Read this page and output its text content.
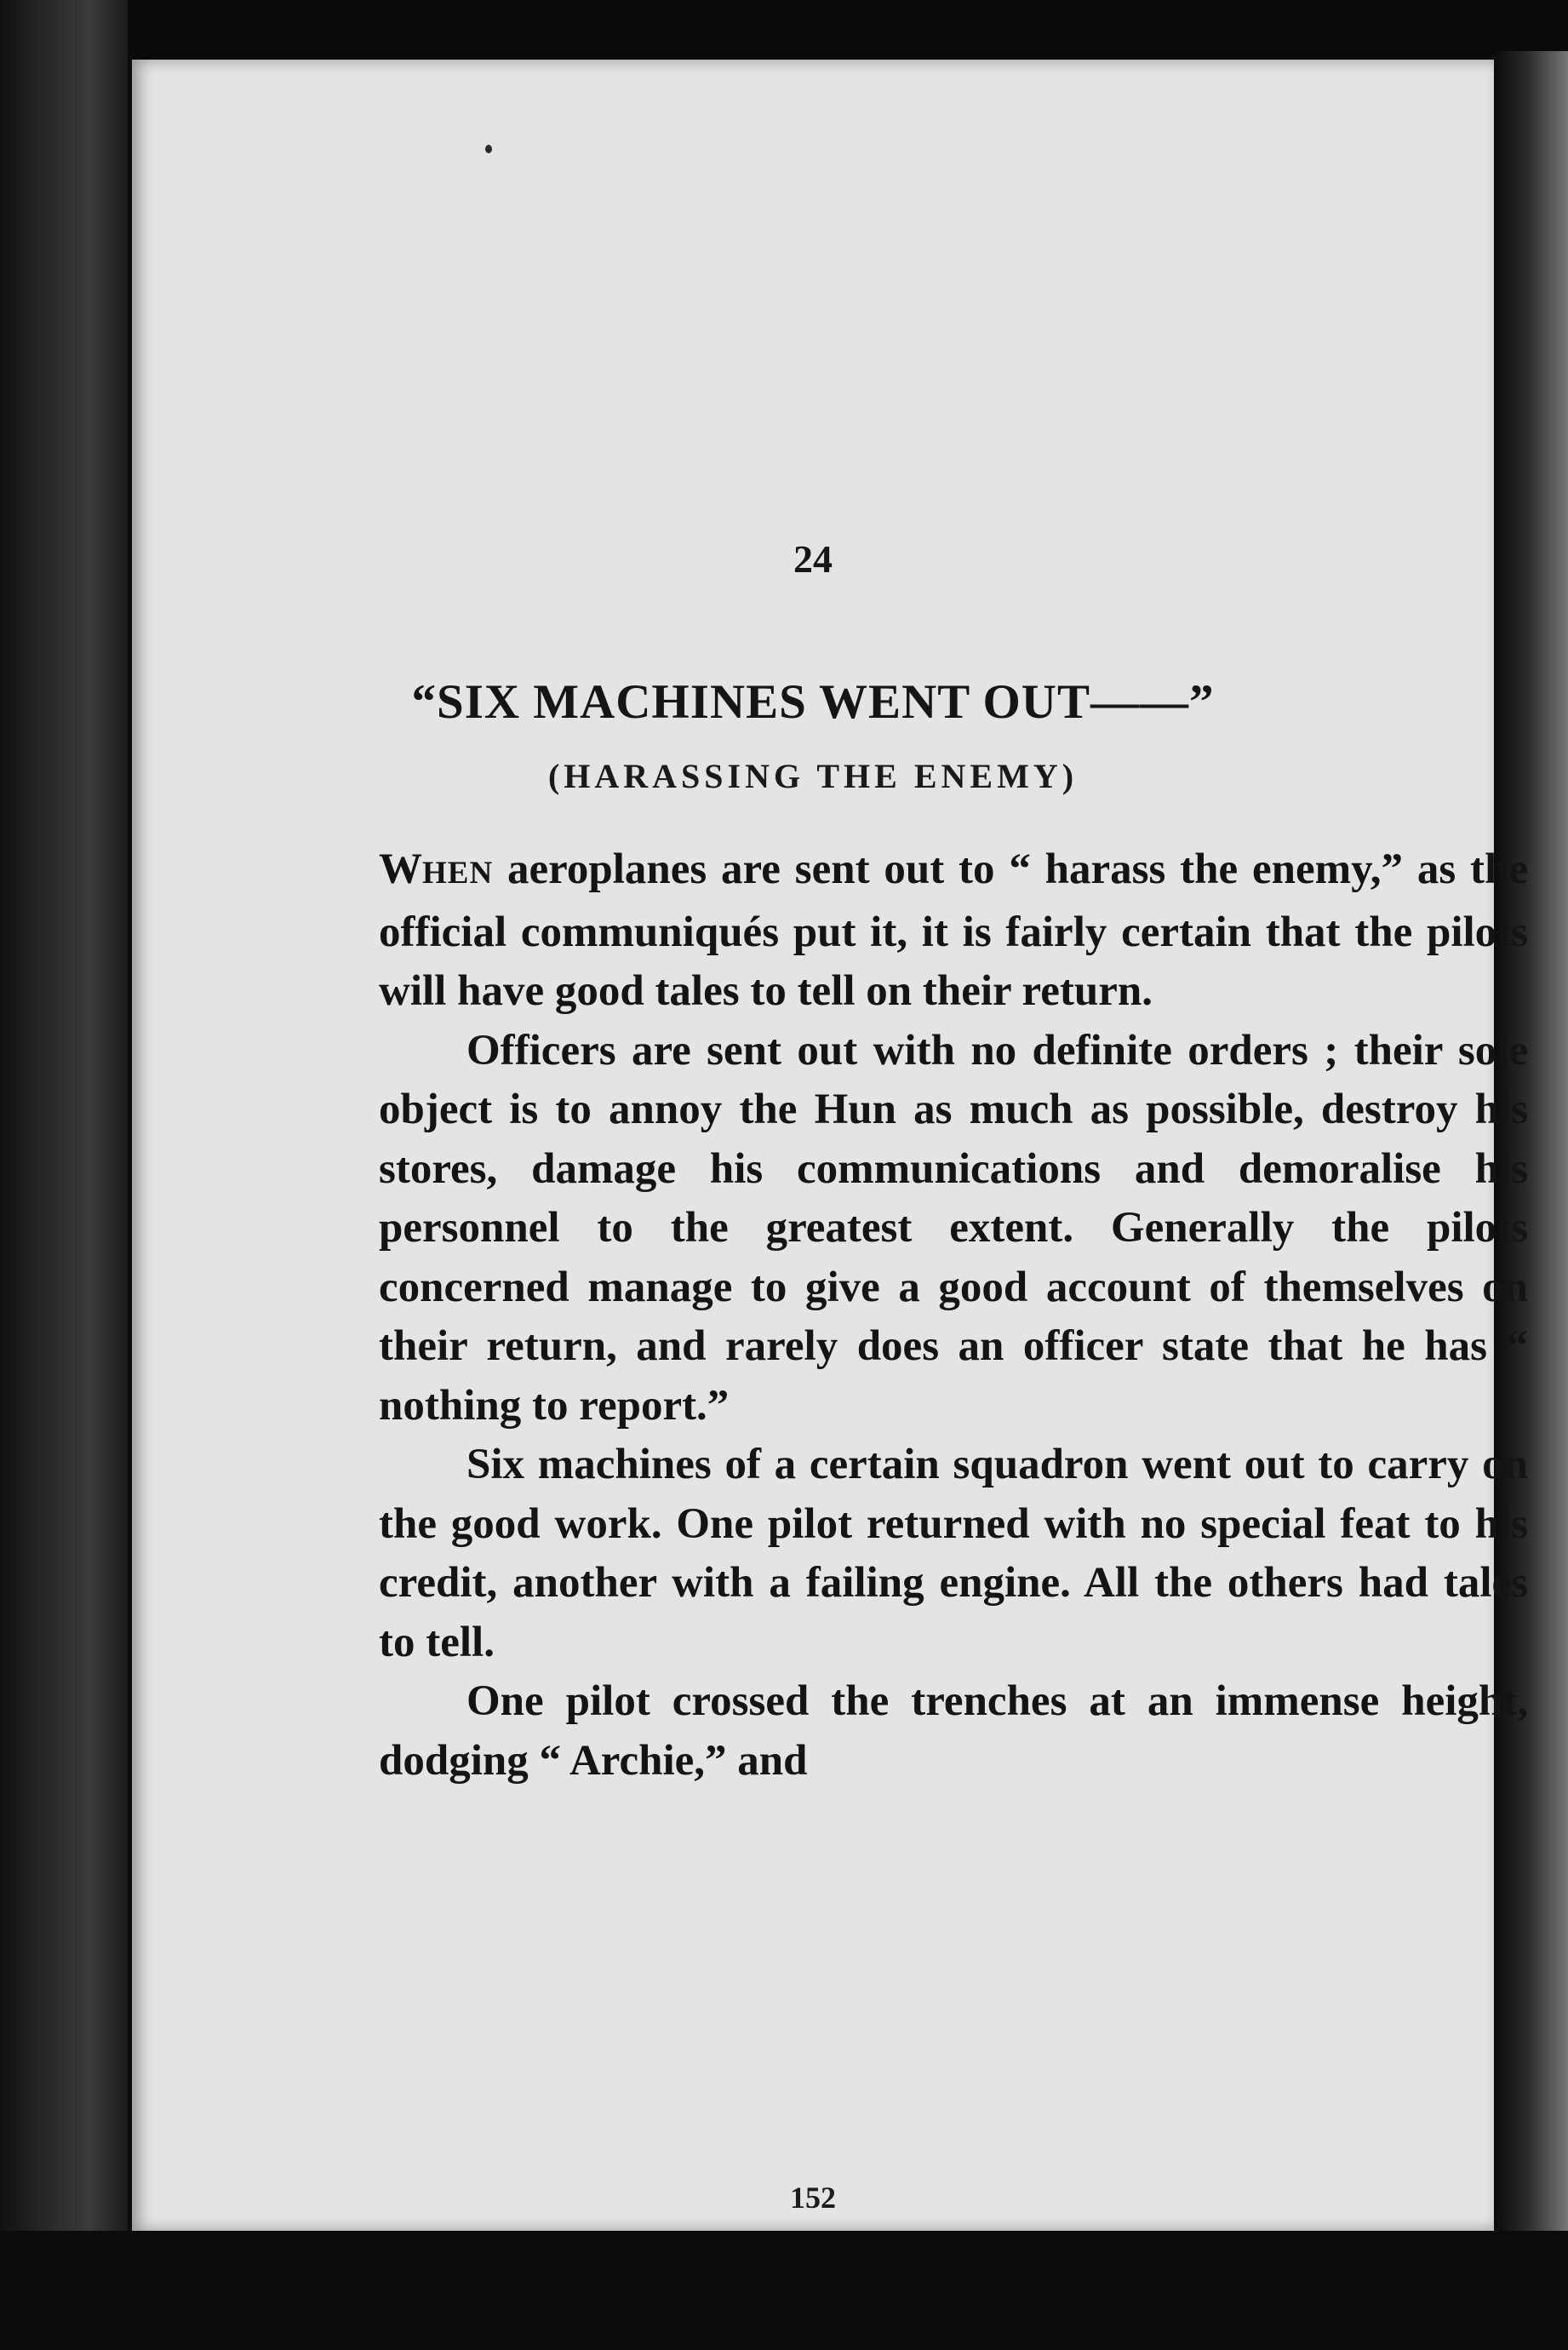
24
“SIX MACHINES WENT OUT——”
(HARASSING THE ENEMY)

WHEN aeroplanes are sent out to “ harass the enemy,” as the official communiqués put it, it is fairly certain that the pilots will have good tales to tell on their return.

Officers are sent out with no definite orders ; their sole object is to annoy the Hun as much as possible, destroy his stores, damage his communications and demoralise his personnel to the greatest extent. Generally the pilots concerned manage to give a good account of themselves on their return, and rarely does an officer state that he has “ nothing to report.”

Six machines of a certain squadron went out to carry on the good work. One pilot returned with no special feat to his credit, another with a failing engine. All the others had tales to tell.

One pilot crossed the trenches at an immense height, dodging “ Archie,” and

152
